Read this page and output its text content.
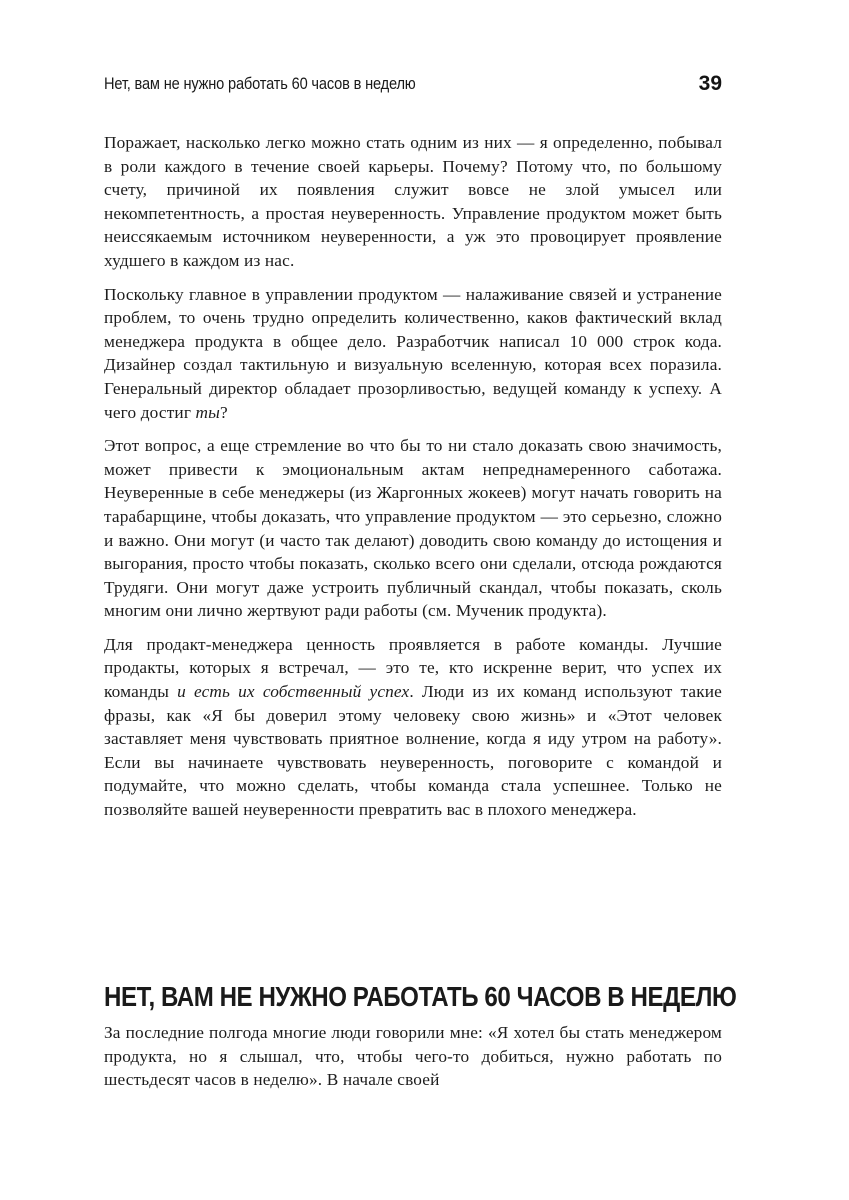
Нет, вам не нужно работать 60 часов в неделю	39

Поражает, насколько легко можно стать одним из них — я определенно, побывал в роли каждого в течение своей карьеры. Почему? Потому что, по большому счету, причиной их появления служит вовсе не злой умысел или некомпетентность, а простая неуверенность. Управление продуктом может быть неиссякаемым источником неуверенности, а уж это провоцирует проявление худшего в каждом из нас.

Поскольку главное в управлении продуктом — налаживание связей и устранение проблем, то очень трудно определить количественно, каков фактический вклад менеджера продукта в общее дело. Разработчик написал 10 000 строк кода. Дизайнер создал тактильную и визуальную вселенную, которая всех поразила. Генеральный директор обладает прозорливостью, ведущей команду к успеху. А чего достиг ты?

Этот вопрос, а еще стремление во что бы то ни стало доказать свою значимость, может привести к эмоциональным актам непреднамеренного саботажа. Неуверенные в себе менеджеры (из Жаргонных жокеев) могут начать говорить на тарабарщине, чтобы доказать, что управление продуктом — это серьезно, сложно и важно. Они могут (и часто так делают) доводить свою команду до истощения и выгорания, просто чтобы показать, сколько всего они сделали, отсюда рождаются Трудяги. Они могут даже устроить публичный скандал, чтобы показать, сколь многим они лично жертвуют ради работы (см. Мученик продукта).

Для продакт-менеджера ценность проявляется в работе команды. Лучшие продакты, которых я встречал, — это те, кто искренне верит, что успех их команды и есть их собственный успех. Люди из их команд используют такие фразы, как «Я бы доверил этому человеку свою жизнь» и «Этот человек заставляет меня чувствовать приятное волнение, когда я иду утром на работу». Если вы начинаете чувствовать неуверенность, поговорите с командой и подумайте, что можно сделать, чтобы команда стала успешнее. Только не позволяйте вашей неуверенности превратить вас в плохого менеджера.

НЕТ, ВАМ НЕ НУЖНО РАБОТАТЬ 60 ЧАСОВ В НЕДЕЛЮ

За последние полгода многие люди говорили мне: «Я хотел бы стать менеджером продукта, но я слышал, что, чтобы чего-то добиться, нужно работать по шестьдесят часов в неделю». В начале своей
